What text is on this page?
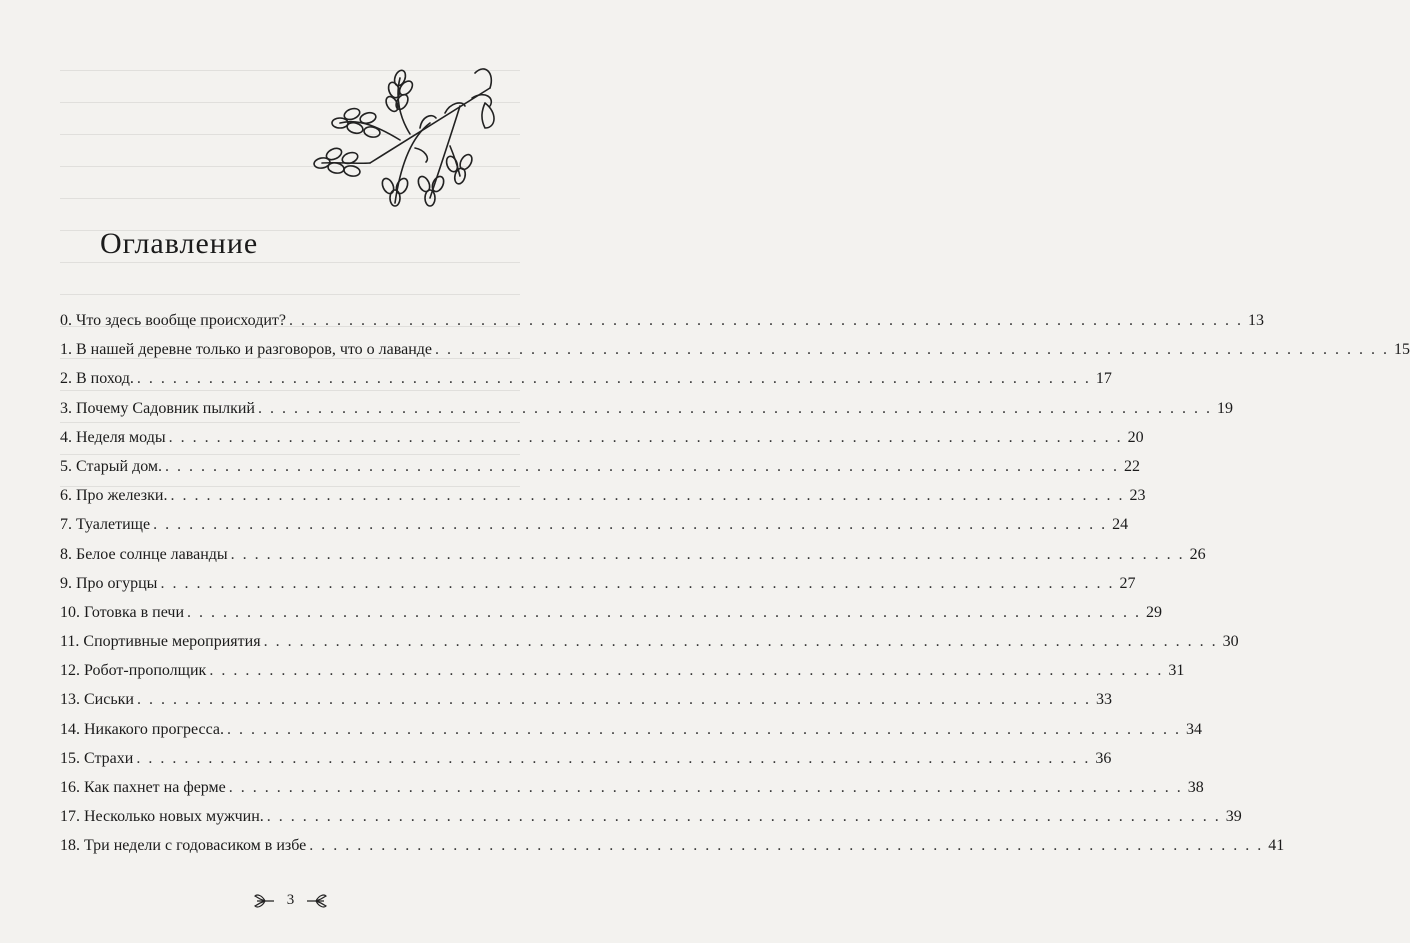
Оглавление
0. Что здесь вообще происходит? . . . . . . . . . . . . . . . . . . . . . . . . . . . . . . . . . . . . . . . . . . . . . . . . . . . . . . . . . . . . . . . . . . . . . . . . . . . . . . . . 13
1. В нашей деревне только и разговоров, что о лаванде . . . . . . . . . . . . . . . . . . . . . . . . . . . . . . . . . . . . . . . . . . . . . . . . . . . . . . . . . . . . . . . . . . . . . . . . . . . . . . . . 15
2. В поход. . . . . . . . . . . . . . . . . . . . . . . . . . . . . . . . . . . . . . . . . . . . . . . . . . . . . . . . . . . . . . . . . . . . . . . . . . . . . . . . . 17
3. Почему Садовник пылкий . . . . . . . . . . . . . . . . . . . . . . . . . . . . . . . . . . . . . . . . . . . . . . . . . . . . . . . . . . . . . . . . . . . . . . . . . . . . . . . . 19
4. Неделя моды . . . . . . . . . . . . . . . . . . . . . . . . . . . . . . . . . . . . . . . . . . . . . . . . . . . . . . . . . . . . . . . . . . . . . . . . . . . . . . . . 20
5. Старый дом. . . . . . . . . . . . . . . . . . . . . . . . . . . . . . . . . . . . . . . . . . . . . . . . . . . . . . . . . . . . . . . . . . . . . . . . . . . . . . . . . 22
6. Про железки. . . . . . . . . . . . . . . . . . . . . . . . . . . . . . . . . . . . . . . . . . . . . . . . . . . . . . . . . . . . . . . . . . . . . . . . . . . . . . . . . 23
7. Туалетище . . . . . . . . . . . . . . . . . . . . . . . . . . . . . . . . . . . . . . . . . . . . . . . . . . . . . . . . . . . . . . . . . . . . . . . . . . . . . . . . 24
8. Белое солнце лаванды . . . . . . . . . . . . . . . . . . . . . . . . . . . . . . . . . . . . . . . . . . . . . . . . . . . . . . . . . . . . . . . . . . . . . . . . . . . . . . . . 26
9. Про огурцы . . . . . . . . . . . . . . . . . . . . . . . . . . . . . . . . . . . . . . . . . . . . . . . . . . . . . . . . . . . . . . . . . . . . . . . . . . . . . . . . 27
10. Готовка в печи . . . . . . . . . . . . . . . . . . . . . . . . . . . . . . . . . . . . . . . . . . . . . . . . . . . . . . . . . . . . . . . . . . . . . . . . . . . . . . . . 29
11. Спортивные мероприятия . . . . . . . . . . . . . . . . . . . . . . . . . . . . . . . . . . . . . . . . . . . . . . . . . . . . . . . . . . . . . . . . . . . . . . . . . . . . . . . . 30
12. Робот-прополщик . . . . . . . . . . . . . . . . . . . . . . . . . . . . . . . . . . . . . . . . . . . . . . . . . . . . . . . . . . . . . . . . . . . . . . . . . . . . . . . . 31
13. Сиськи . . . . . . . . . . . . . . . . . . . . . . . . . . . . . . . . . . . . . . . . . . . . . . . . . . . . . . . . . . . . . . . . . . . . . . . . . . . . . . . . 33
14. Никакого прогресса. . . . . . . . . . . . . . . . . . . . . . . . . . . . . . . . . . . . . . . . . . . . . . . . . . . . . . . . . . . . . . . . . . . . . . . . . . . . . . . . . 34
15. Страхи . . . . . . . . . . . . . . . . . . . . . . . . . . . . . . . . . . . . . . . . . . . . . . . . . . . . . . . . . . . . . . . . . . . . . . . . . . . . . . . . 36
16. Как пахнет на ферме . . . . . . . . . . . . . . . . . . . . . . . . . . . . . . . . . . . . . . . . . . . . . . . . . . . . . . . . . . . . . . . . . . . . . . . . . . . . . . . . 38
17. Несколько новых мужчин. . . . . . . . . . . . . . . . . . . . . . . . . . . . . . . . . . . . . . . . . . . . . . . . . . . . . . . . . . . . . . . . . . . . . . . . . . . . . . . . . 39
18. Три недели с годовасиком в избе . . . . . . . . . . . . . . . . . . . . . . . . . . . . . . . . . . . . . . . . . . . . . . . . . . . . . . . . . . . . . . . . . . . . . . . . . . . . . . . . 41
3
